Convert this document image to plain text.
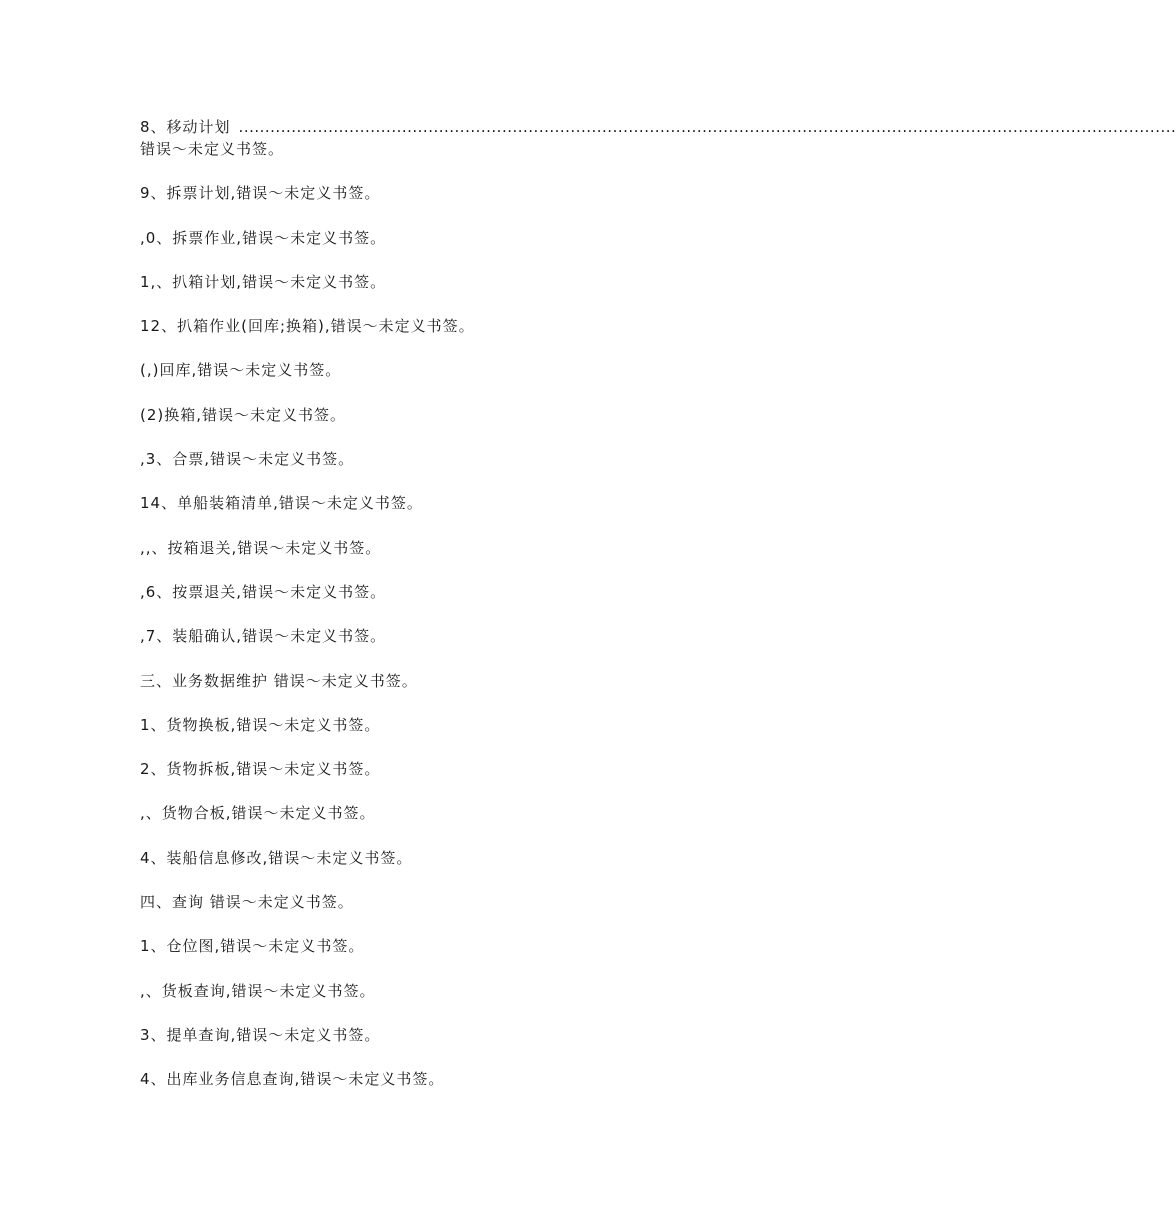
8、移动计划 ..................................................................................................................................................................................
错误～未定义书签。
9、拆票计划,错误～未定义书签。
,0、拆票作业,错误～未定义书签。
1,、扒箱计划,错误～未定义书签。
12、扒箱作业(回库;换箱),错误～未定义书签。
(,)回库,错误～未定义书签。
(2)换箱,错误～未定义书签。
,3、合票,错误～未定义书签。
14、单船装箱清单,错误～未定义书签。
,,、按箱退关,错误～未定义书签。
,6、按票退关,错误～未定义书签。
,7、装船确认,错误～未定义书签。
三、业务数据维护 错误～未定义书签。
1、货物换板,错误～未定义书签。
2、货物拆板,错误～未定义书签。
,、货物合板,错误～未定义书签。
4、装船信息修改,错误～未定义书签。
四、查询 错误～未定义书签。
1、仓位图,错误～未定义书签。
,、货板查询,错误～未定义书签。
3、提单查询,错误～未定义书签。
4、出库业务信息查询,错误～未定义书签。
